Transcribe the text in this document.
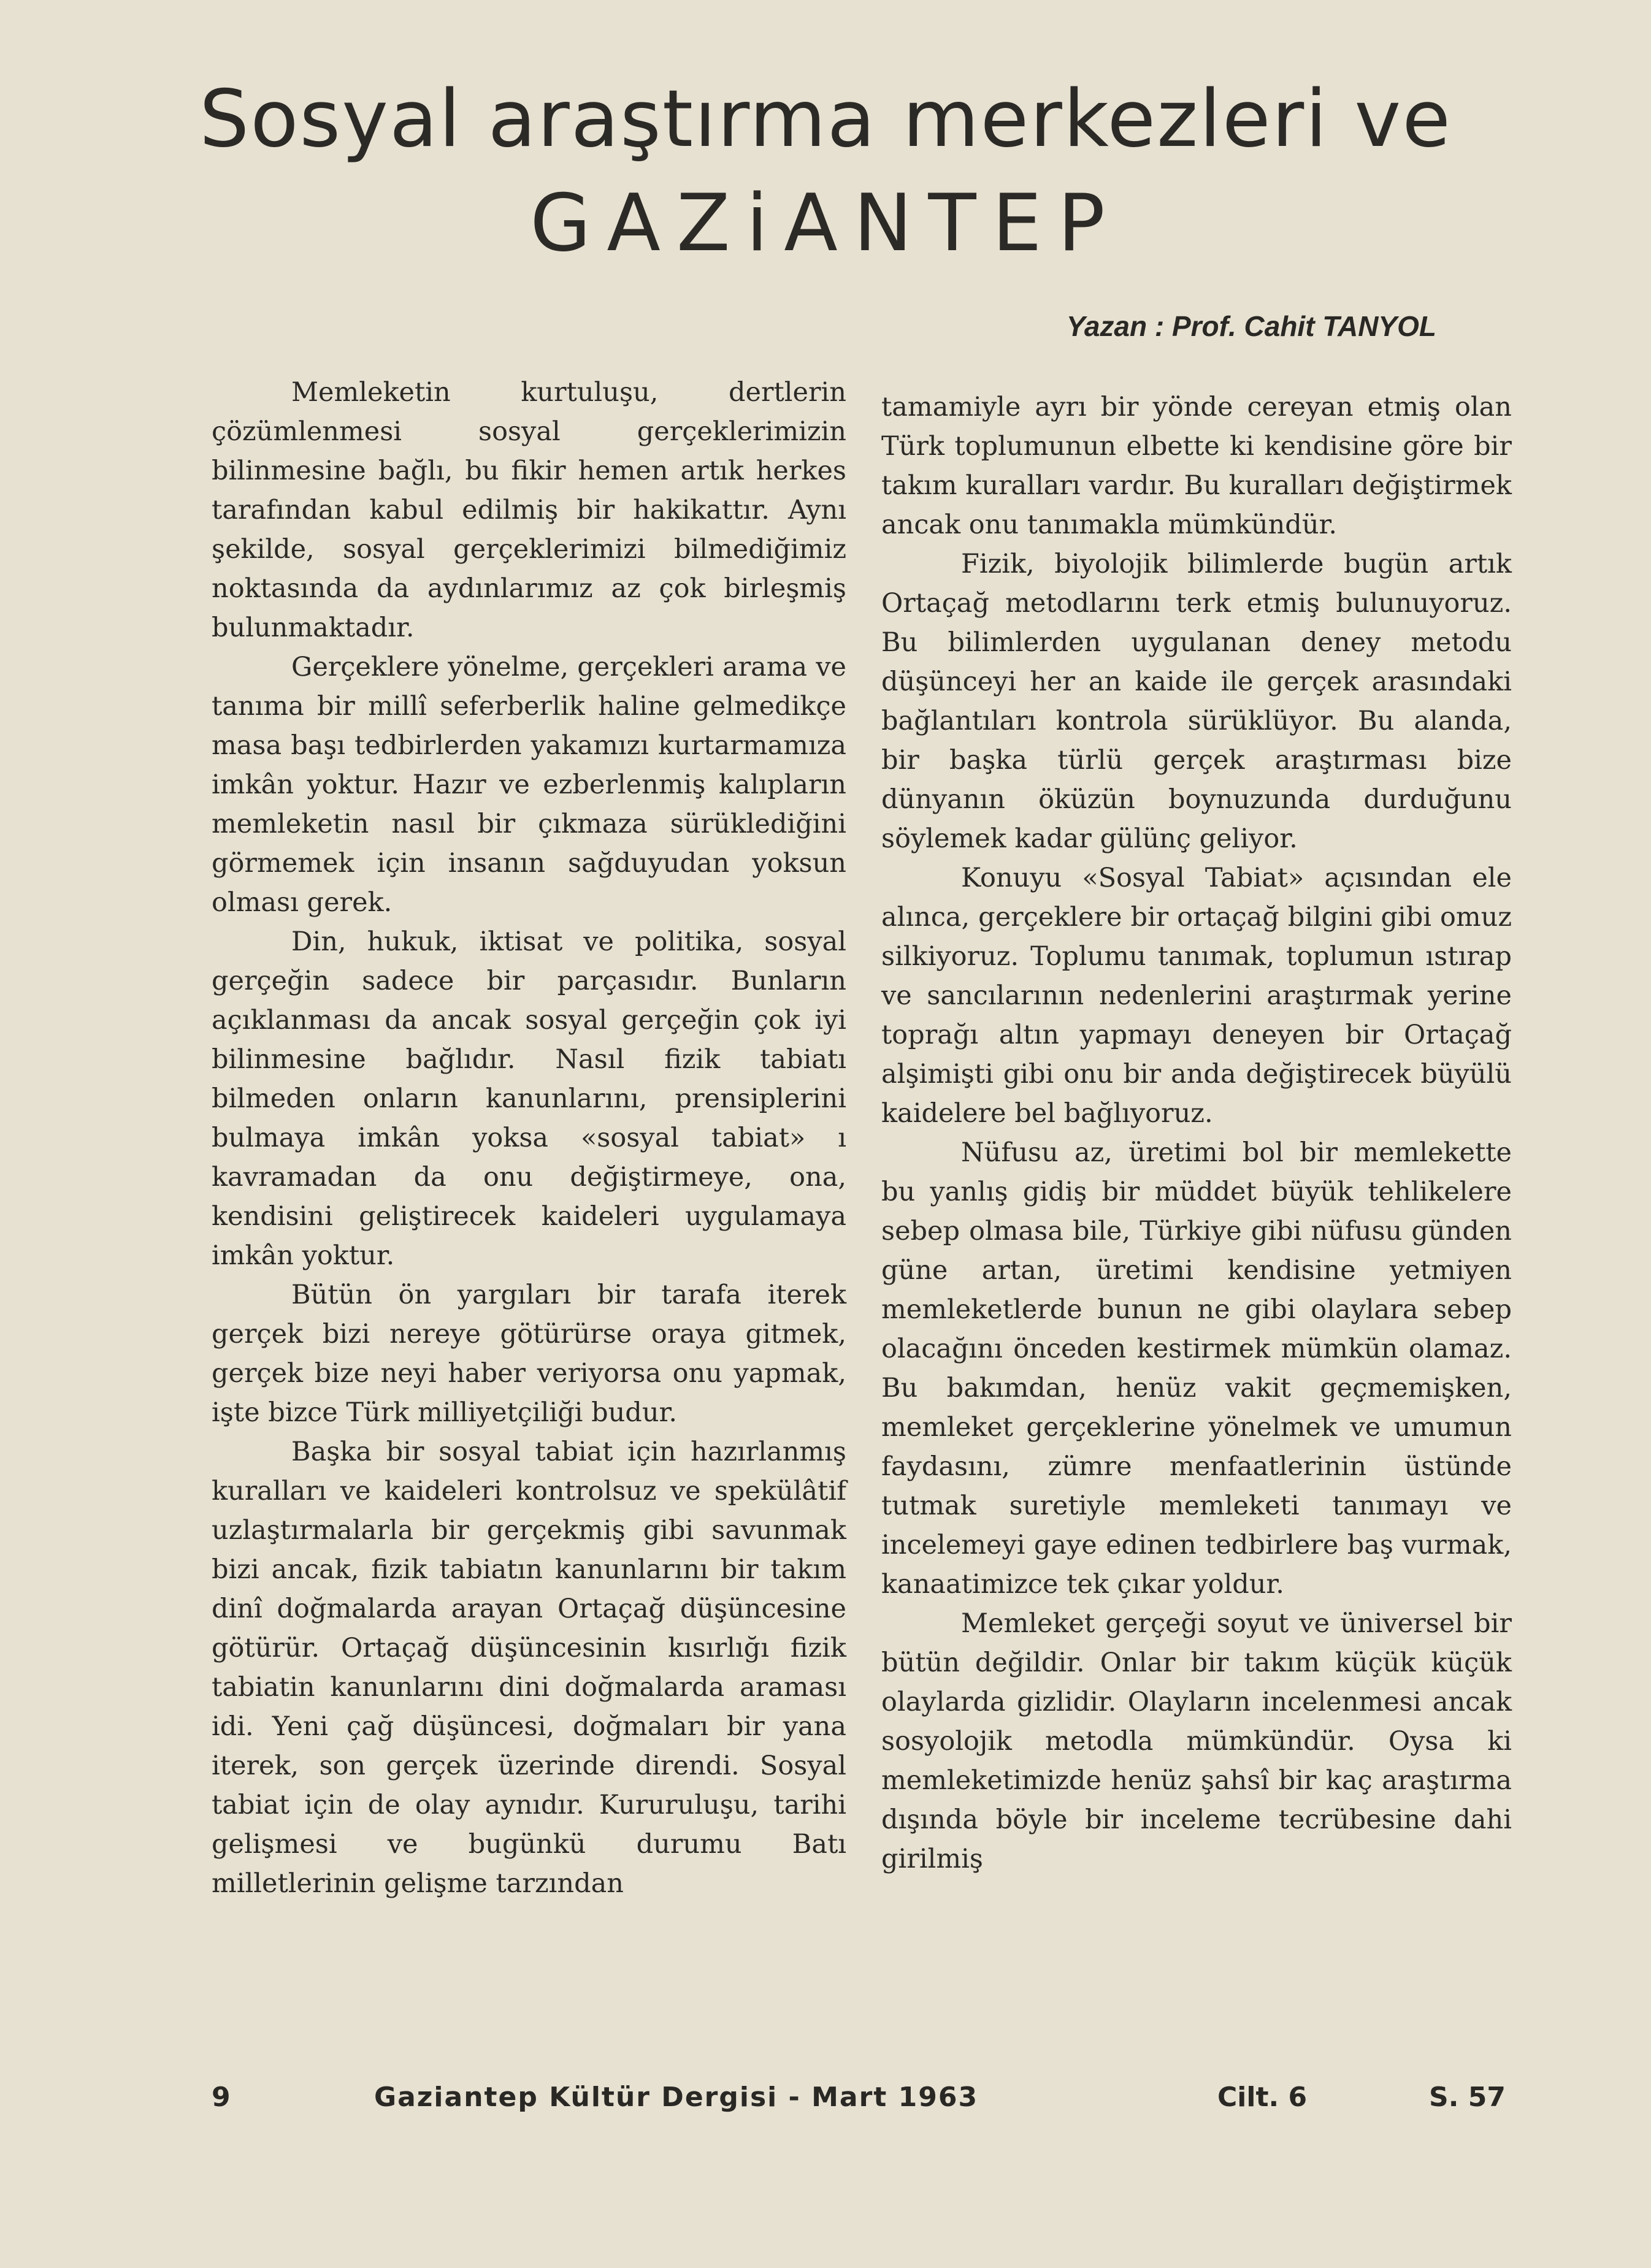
Sosyal araştırma merkezleri ve
GAZiANTEP
Yazan : Prof. Cahit TANYOL

Memleketin kurtuluşu, dertlerin çözümlenmesi sosyal gerçeklerimizin bilinmesine bağlı, bu fikir hemen artık herkes tarafından kabul edilmiş bir hakikattır. Aynı şekilde, sosyal gerçeklerimizi bilmediğimiz noktasında da aydınlarımız az çok birleşmiş bulunmaktadır.

Gerçeklere yönelme, gerçekleri arama ve tanıma bir millî seferberlik haline gelmedikçe masa başı tedbirlerden yakamızı kurtarmamıza imkân yoktur. Hazır ve ezberlenmiş kalıpların memleketin nasıl bir çıkmaza sürüklediğini görmemek için insanın sağduyudan yoksun olması gerek.

Din, hukuk, iktisat ve politika, sosyal gerçeğin sadece bir parçasıdır. Bunların açıklanması da ancak sosyal gerçeğin çok iyi bilinmesine bağlıdır. Nasıl fizik tabiatı bilmeden onların kanunlarını, prensiplerini bulmaya imkân yoksa «sosyal tabiat» ı kavramadan da onu değiştirmeye, ona, kendisini geliştirecek kaideleri uygulamaya imkân yoktur.

Bütün ön yargıları bir tarafa iterek gerçek bizi nereye götürürse oraya gitmek, gerçek bize neyi haber veriyorsa onu yapmak, işte bizce Türk milliyetçiliği budur.

Başka bir sosyal tabiat için hazırlanmış kuralları ve kaideleri kontrolsuz ve spekülâtif uzlaştırmalarla bir gerçekmiş gibi savunmak bizi ancak, fizik tabiatın kanunlarını bir takım dinî doğmalarda arayan Ortaçağ düşüncesine götürür. Ortaçağ düşüncesinin kısırlığı fizik tabiatin kanunlarını dini doğmalarda araması idi. Yeni çağ düşüncesi, doğmaları bir yana iterek, son gerçek üzerinde direndi. Sosyal tabiat için de olay aynıdır. Kururuluşu, tarihi gelişmesi ve bugünkü durumu Batı milletlerinin gelişme tarzından

tamamiyle ayrı bir yönde cereyan etmiş olan Türk toplumunun elbette ki kendisine göre bir takım kuralları vardır. Bu kuralları değiştirmek ancak onu tanımakla mümkündür.

Fizik, biyolojik bilimlerde bugün artık Ortaçağ metodlarını terk etmiş bulunuyoruz. Bu bilimlerden uygulanan deney metodu düşünceyi her an kaide ile gerçek arasındaki bağlantıları kontrola sürüklüyor. Bu alanda, bir başka türlü gerçek araştırması bize dünyanın öküzün boynuzunda durduğunu söylemek kadar gülünç geliyor.

Konuyu «Sosyal Tabiat» açısından ele alınca, gerçeklere bir ortaçağ bilgini gibi omuz silkiyoruz. Toplumu tanımak, toplumun ıstırap ve sancılarının nedenlerini araştırmak yerine toprağı altın yapmayı deneyen bir Ortaçağ alşimişti gibi onu bir anda değiştirecek büyülü kaidelere bel bağlıyoruz.

Nüfusu az, üretimi bol bir memlekette bu yanlış gidiş bir müddet büyük tehlikelere sebep olmasa bile, Türkiye gibi nüfusu günden güne artan, üretimi kendisine yetmiyen memleketlerde bunun ne gibi olaylara sebep olacağını önceden kestirmek mümkün olamaz. Bu bakımdan, henüz vakit geçmemişken, memleket gerçeklerine yönelmek ve umumun faydasını, zümre menfaatlerinin üstünde tutmak suretiyle memleketi tanımayı ve incelemeyi gaye edinen tedbirlere baş vurmak, kanaatimizce tek çıkar yoldur.

Memleket gerçeği soyut ve üniversel bir bütün değildir. Onlar bir takım küçük küçük olaylarda gizlidir. Olayların incelenmesi ancak sosyolojik metodla mümkündür. Oysa ki memleketimizde henüz şahsî bir kaç araştırma dışında böyle bir inceleme tecrübesine dahi girilmiş

9	Gaziantep Kültür Dergisi - Mart 1963	Cilt. 6	S. 57
